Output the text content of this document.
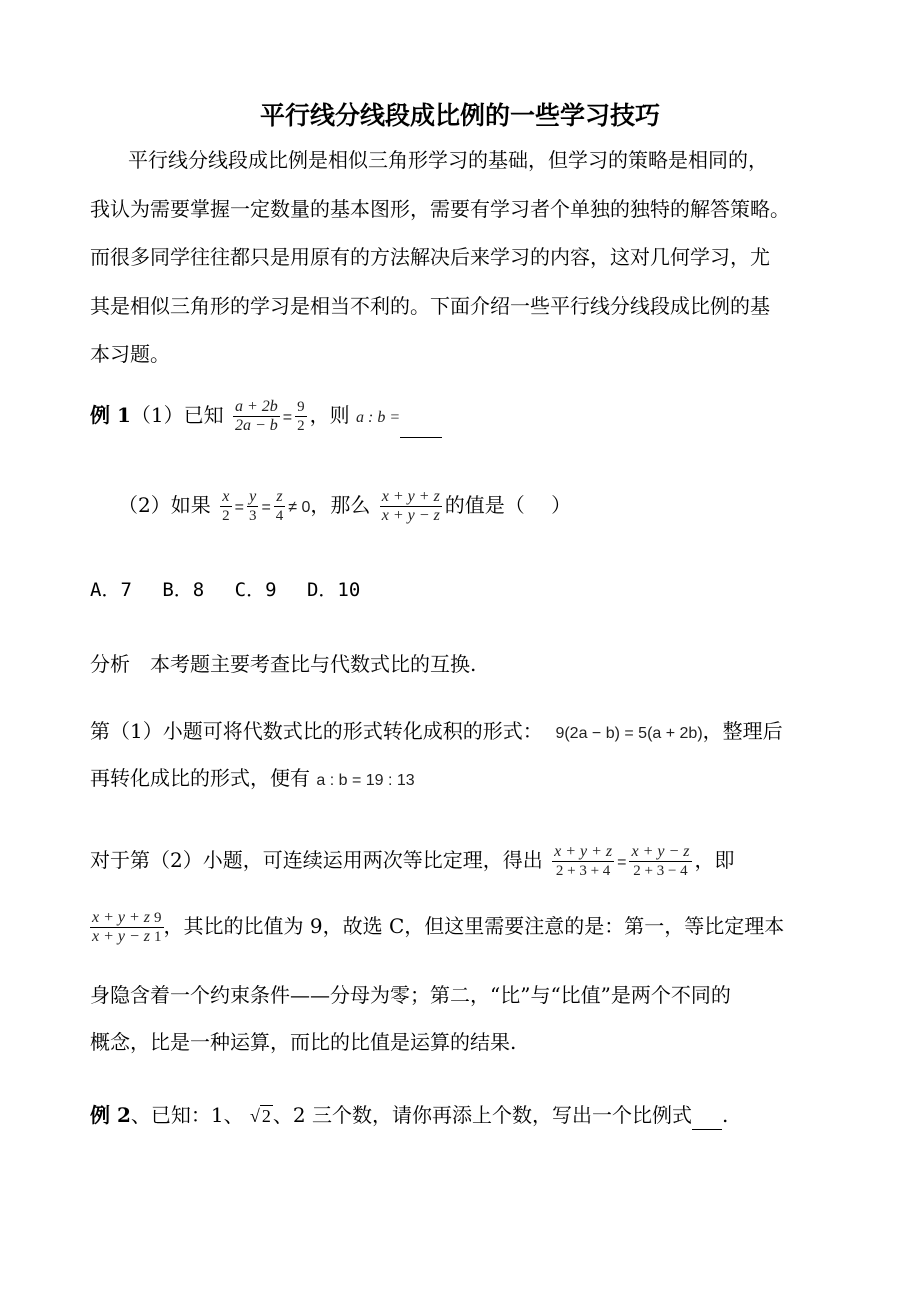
平行线分线段成比例的一些学习技巧
平行线分线段成比例是相似三角形学习的基础，但学习的策略是相同的，
我认为需要掌握一定数量的基本图形，需要有学习者个单独的独特的解答策略。
而很多同学往往都只是用原有的方法解决后来学习的内容，这对几何学习，尤
其是相似三角形的学习是相当不利的。下面介绍一些平行线分线段成比例的基
本习题。
例 1（1）已知 $\frac{a + 2b}{2a - b} = \frac{9}{2}$ ，则 a : b =
（2）如果 $\frac{x}{2} = \frac{y}{3} = \frac{z}{4} \ne 0$，那么 $\frac{x + y + z}{x + y - z}$ 的值是（　 ）
A．7　 B．8　 C．9　 D．10
分析　本考题主要考查比与代数式比的互换.
第（1）小题可将代数式比的形式转化成积的形式： 9(2a − b) = 5(a + 2b)，整理后
再转化成比的形式，便有 a : b = 19 : 13
对于第（2）小题，可连续运用两次等比定理，得出 $\frac{x + y + z}{2 + 3 + 4} = \frac{x + y - z}{2 + 3 - 4}$ ，即
$\frac{x + y + z}{x + y - z} \frac{9}{1}$ ，其比的比值为 9，故选 C，但这里需要注意的是：第一，等比定理本
身隐含着一个约束条件——分母为零；第二，“比”与“比值”是两个不同的
概念，比是一种运算，而比的比值是运算的结果.
例 2、已知：1、 √ 2 、2 三个数，请你再添上个数，写出一个比例式 .
